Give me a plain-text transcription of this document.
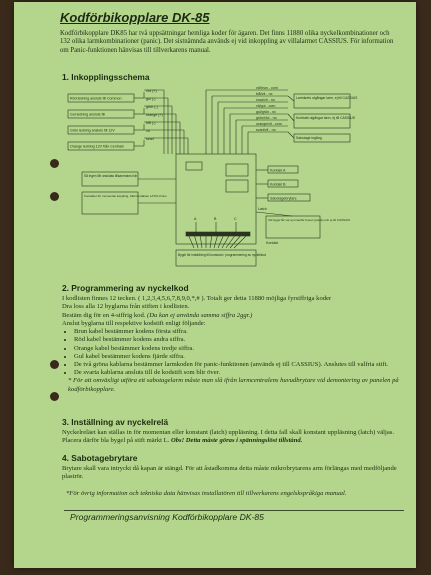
Kodförbikopplare DK-85
Kodförbikopplare DK85 har två uppsättningar hemliga koder för ägaren. Det finns 11880 olika nyckelkombinationer och 132 olika larmkombinationer (panic). Det sistnämnda används ej vid inkoppling av villalarmet CASSIUS. För information om Panic-funktionen hänvisas till tillverkarens manual.
1. Inkopplingsschema
Röd ledning ansluts till Common
Gul ledning ansluts till
Grön ledning ansluts till 12V
Orange ledning 12V från Centraln
röd (+)
gul (-)
grön (-)
orange (+)
blå (-)
vit
svart
vit/brun - com
blå/vit - nc
rosa/vit - no
vit/gul - com
gul/grön - nc
grön/röd - no
orange/vit - com
svart/vit - no
Larmkrets utgångar larm, ej till CASSIUS
Kontrakt utgångar larm, ej till CASSIUS
Sabotage ingång
Kontakt A
Kontakt B
Sabotagebrytare
Så ingen får anslutas tillsammans här
Kontakter för momentan koppling, Alla Kontakten LATCH finns
Vid bygel får var ej innanför boxen (panik) och ej till CASSIUS
Latch
Kontakt
A	B	C
Bygel för inställning till konstant / programmering av nyckelkod
2. Programmering av nyckelkod
I kodlisten finnes 12 tecken. ( 1,2,3,4,5,6,7,8,9,0,*,# ). Totalt ger detta 11880 möjliga fyrsiffriga koder
Dra loss alla 12 byglarna från stiften i kodlisten.
Bestäm dig för en 4-siffrig kod. (Du kan ej använda samma siffra 2ggr.)
Anslut byglarna till respektive kodstift enligt följande:
• Brun kabel bestämmer kodens första siffra.
• Röd kabel bestämmer kodens andra siffra.
• Orange kabel bestämmer kodens tredje siffra.
• Gul kabel bestämmer kodens fjärde siffra.
• De två gröna kablarna bestämmer larmkoden för panic-funktionen (används ej till CASSIUS). Anslutes till valfria stift.
• De svarta kablarna ansluts till de kodstift som blir över.
* För att omväxligt utföra ett sabotagelarm måste man slå ifrån larmcentralens huvudbrytare vid demontering av panelen på kodförbikopplare.
3. Inställning av nyckelrelä
Nyckelreläet kan ställas in för momentan eller konstant (latch) uppläsning. I detta fall skall konstant uppläsning (latch) väljas. Placera därför bla bygel på stift märkt L. Obs! Detta måste göras i spänningslöst tillstånd.
4. Sabotagebrytare
Brytare skall vara intryckt då kapan är stängd. För att åstadkomma detta måste mikrobrytarens arm förlängas med medföljande plaströr.
*För övrig information och tekniska data hänvisas installatören till tillverkarens engelskspråkiga manual.
Programmeringsanvisning Kodförbikopplare DK-85
